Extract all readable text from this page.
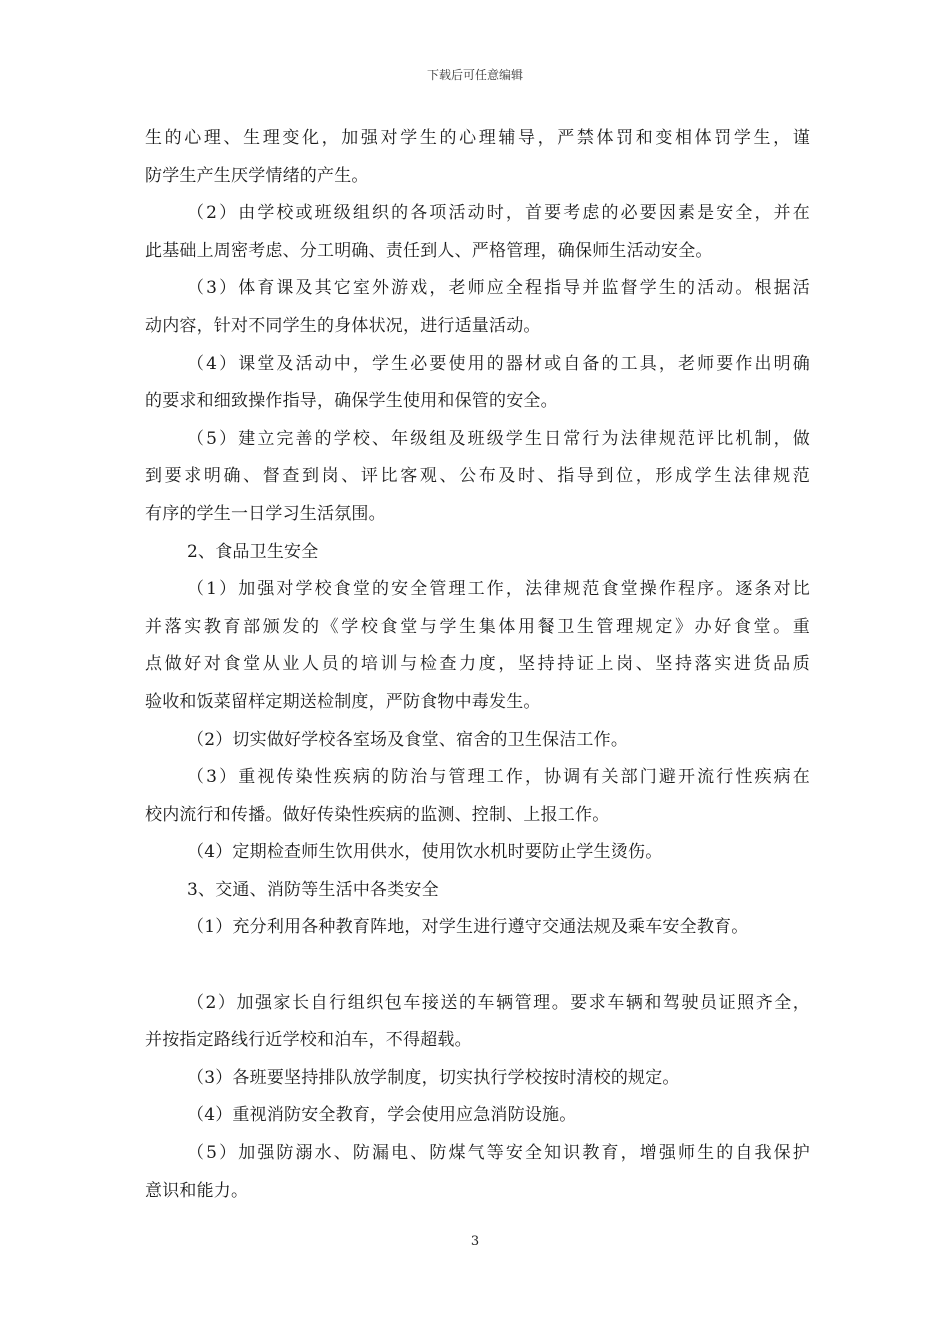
下载后可任意编辑
生的心理、生理变化，加强对学生的心理辅导，严禁体罚和变相体罚学生，谨
防学生产生厌学情绪的产生。
（2）由学校或班级组织的各项活动时，首要考虑的必要因素是安全，并在
此基础上周密考虑、分工明确、责任到人、严格管理，确保师生活动安全。
（3）体育课及其它室外游戏，老师应全程指导并监督学生的活动。根据活
动内容，针对不同学生的身体状况，进行适量活动。
（4）课堂及活动中，学生必要使用的器材或自备的工具，老师要作出明确
的要求和细致操作指导，确保学生使用和保管的安全。
（5）建立完善的学校、年级组及班级学生日常行为法律规范评比机制，做
到要求明确、督查到岗、评比客观、公布及时、指导到位，形成学生法律规范
有序的学生一日学习生活氛围。
2、食品卫生安全
（1）加强对学校食堂的安全管理工作，法律规范食堂操作程序。逐条对比
并落实教育部颁发的《学校食堂与学生集体用餐卫生管理规定》办好食堂。重
点做好对食堂从业人员的培训与检查力度，坚持持证上岗、坚持落实进货品质
验收和饭菜留样定期送检制度，严防食物中毒发生。
（2）切实做好学校各室场及食堂、宿舍的卫生保洁工作。
（3）重视传染性疾病的防治与管理工作，协调有关部门避开流行性疾病在
校内流行和传播。做好传染性疾病的监测、控制、上报工作。
（4）定期检查师生饮用供水，使用饮水机时要防止学生烫伤。
3、交通、消防等生活中各类安全
（1）充分利用各种教育阵地，对学生进行遵守交通法规及乘车安全教育。
（2）加强家长自行组织包车接送的车辆管理。要求车辆和驾驶员证照齐全，
并按指定路线行近学校和泊车，不得超载。
（3）各班要坚持排队放学制度，切实执行学校按时清校的规定。
（4）重视消防安全教育，学会使用应急消防设施。
（5）加强防溺水、防漏电、防煤气等安全知识教育，增强师生的自我保护
意识和能力。
3
